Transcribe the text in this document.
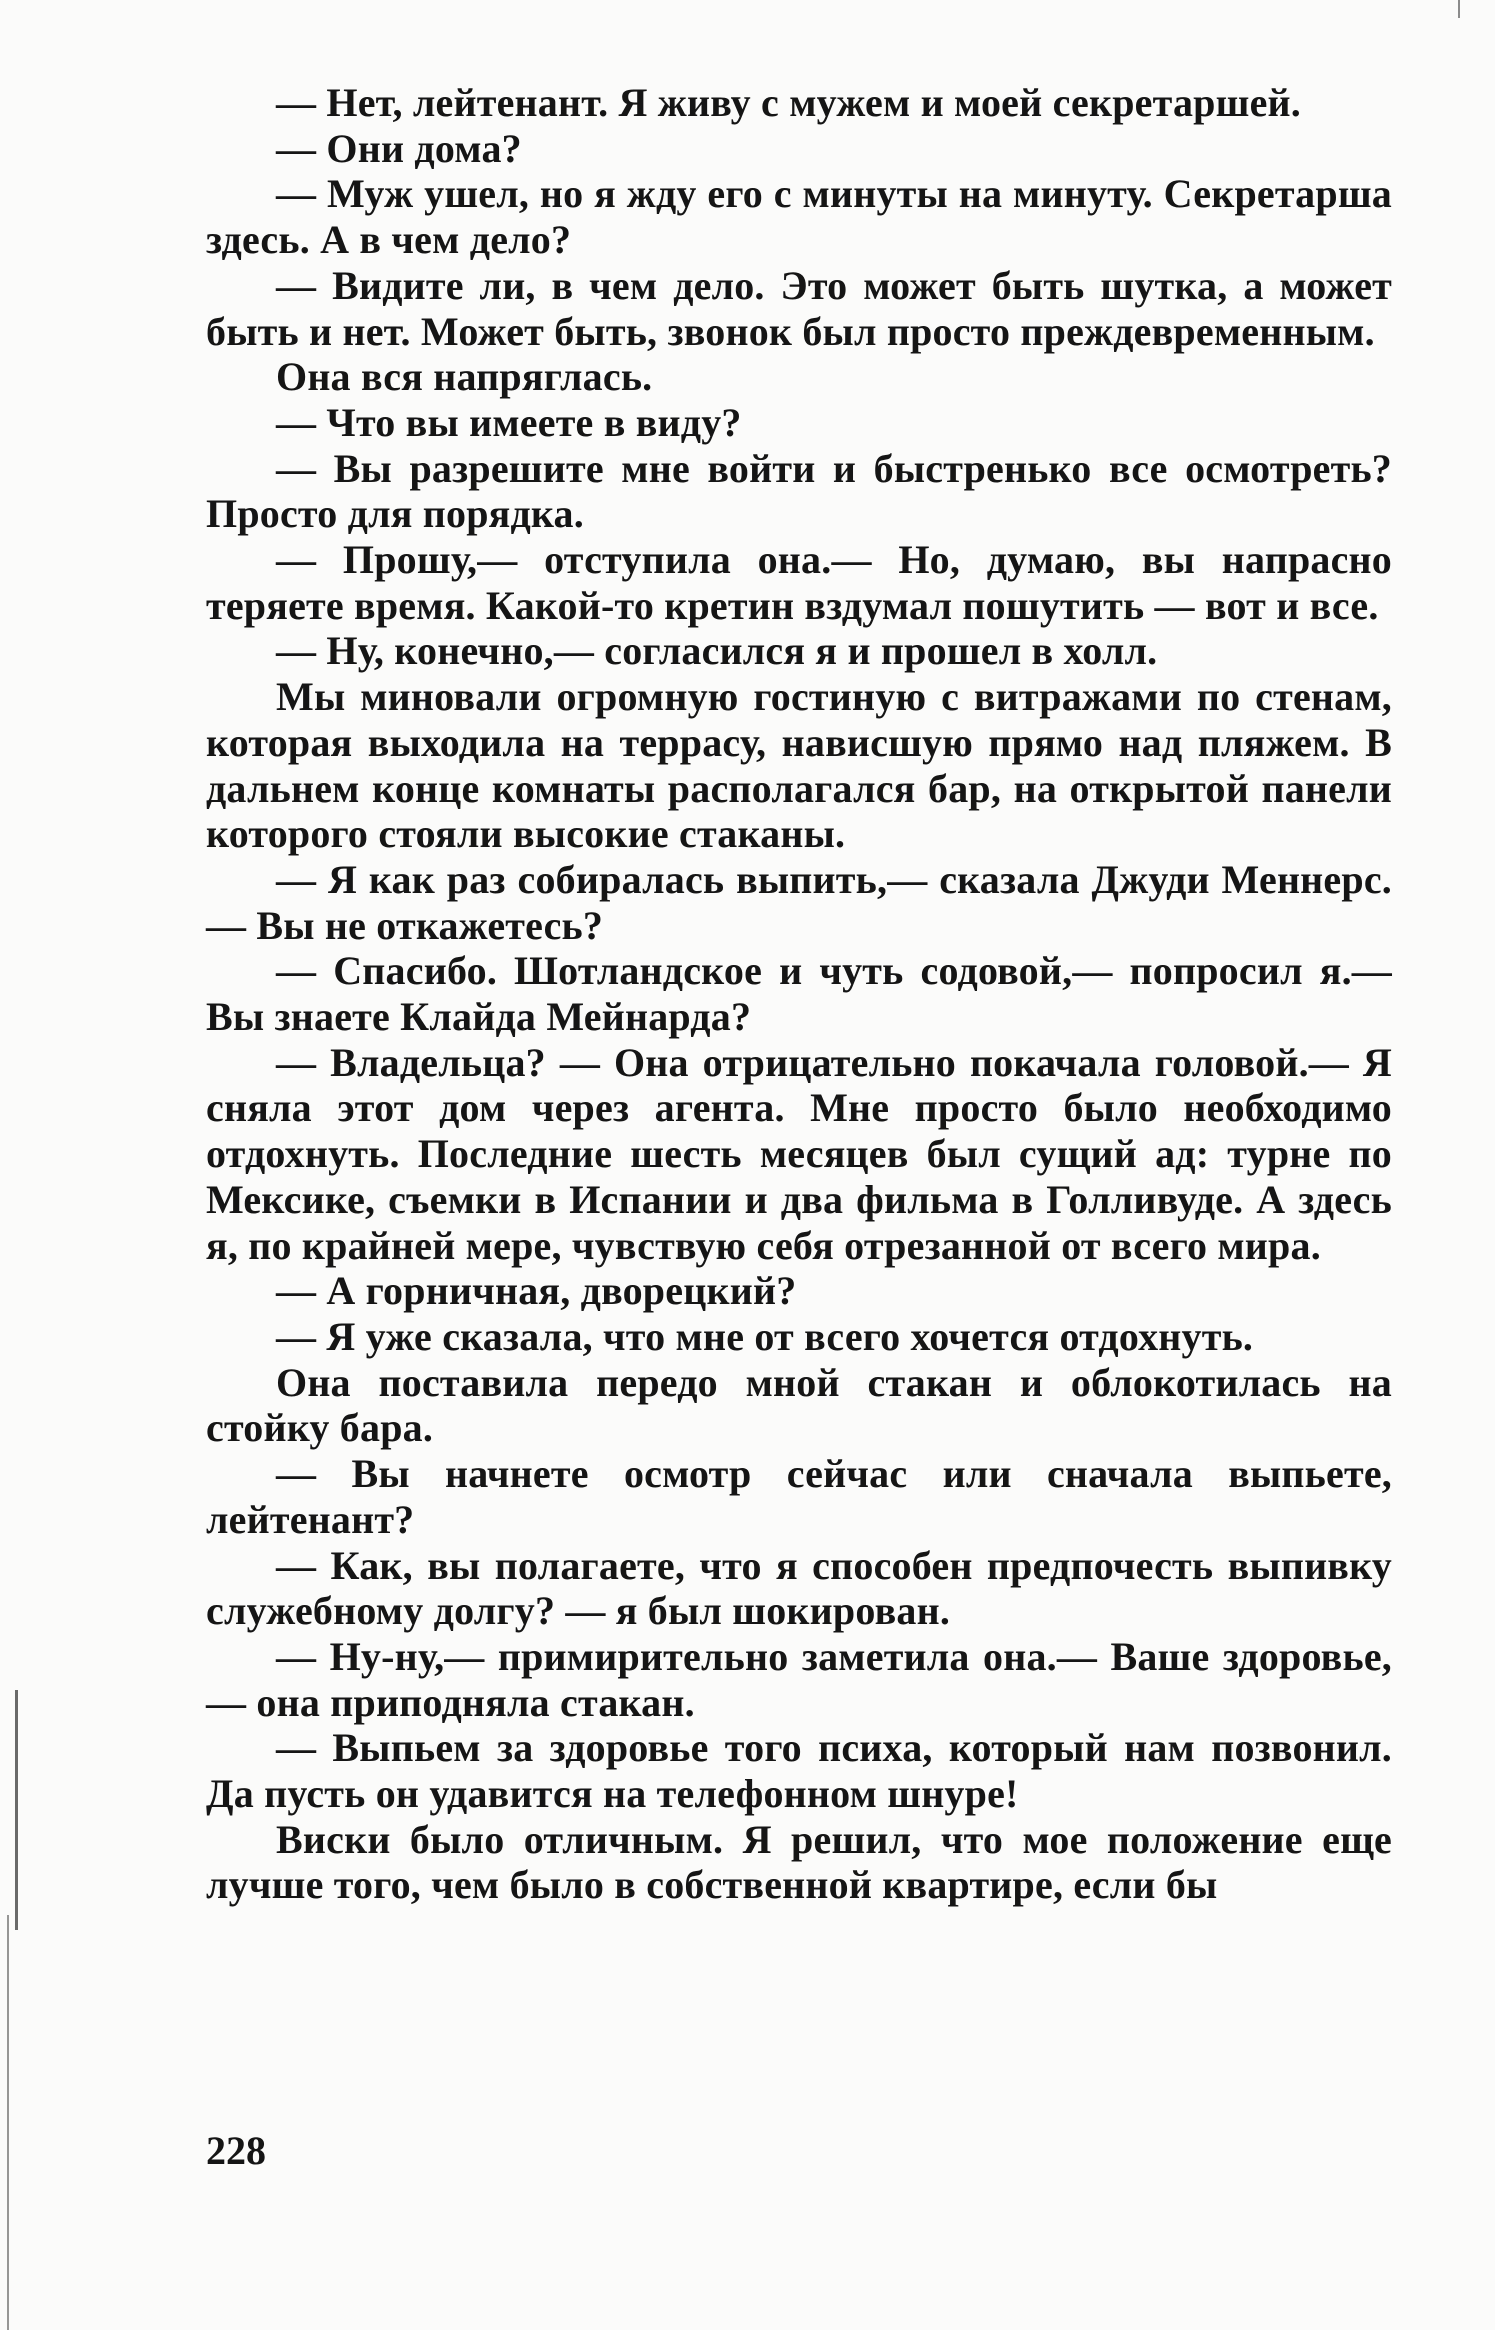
— Нет, лейтенант. Я живу с мужем и моей секретаршей.

— Они дома?

— Муж ушел, но я жду его с минуты на минуту. Секретарша здесь. А в чем дело?

— Видите ли, в чем дело. Это может быть шутка, а может быть и нет. Может быть, звонок был просто преждевременным.

Она вся напряглась.

— Что вы имеете в виду?

— Вы разрешите мне войти и быстренько все осмотреть? Просто для порядка.

— Прошу,— отступила она.— Но, думаю, вы напрасно теряете время. Какой-то кретин вздумал пошутить — вот и все.

— Ну, конечно,— согласился я и прошел в холл.

Мы миновали огромную гостиную с витражами по стенам, которая выходила на террасу, нависшую прямо над пляжем. В дальнем конце комнаты располагался бар, на открытой панели которого стояли высокие стаканы.

— Я как раз собиралась выпить,— сказала Джуди Меннерс.— Вы не откажетесь?

— Спасибо. Шотландское и чуть содовой,— попросил я.— Вы знаете Клайда Мейнарда?

— Владельца? — Она отрицательно покачала головой.— Я сняла этот дом через агента. Мне просто было необходимо отдохнуть. Последние шесть месяцев был сущий ад: турне по Мексике, съемки в Испании и два фильма в Голливуде. А здесь я, по крайней мере, чувствую себя отрезанной от всего мира.

— А горничная, дворецкий?

— Я уже сказала, что мне от всего хочется отдохнуть.

Она поставила передо мной стакан и облокотилась на стойку бара.

— Вы начнете осмотр сейчас или сначала выпьете, лейтенант?

— Как, вы полагаете, что я способен предпочесть выпивку служебному долгу? — я был шокирован.

— Ну-ну,— примирительно заметила она.— Ваше здоровье,— она приподняла стакан.

— Выпьем за здоровье того психа, который нам позвонил. Да пусть он удавится на телефонном шнуре!

Виски было отличным. Я решил, что мое положение еще лучше того, чем было в собственной квартире, если бы

228
